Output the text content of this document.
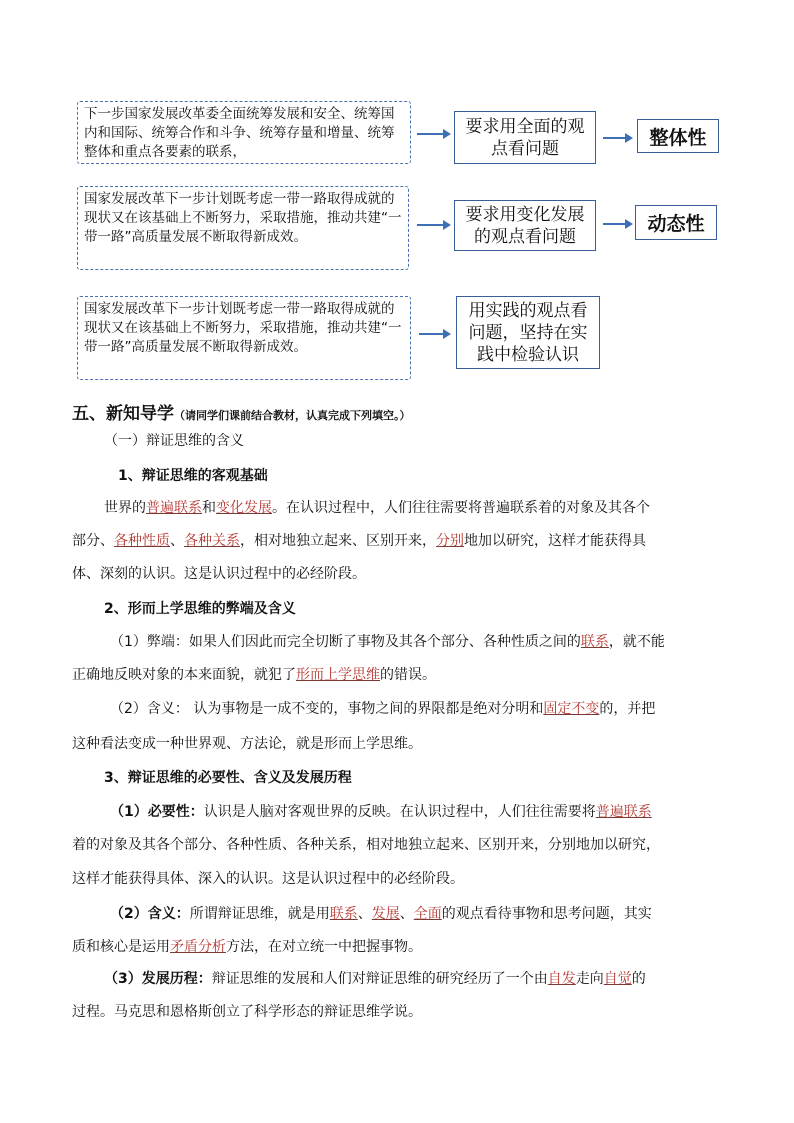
下一步国家发展改革委全面统筹发展和安全、统筹国内和国际、统筹合作和斗争、统筹存量和增量、统筹整体和重点各要素的联系，
要求用全面的观点看问题	整体性
国家发展改革下一步计划既考虑一带一路取得成就的现状又在该基础上不断努力，采取措施，推动共建“一带一路”高质量发展不断取得新成效。
要求用变化发展的观点看问题
动态性
国家发展改革下一步计划既考虑一带一路取得成就的现状又在该基础上不断努力，采取措施，推动共建“一带一路”高质量发展不断取得新成效。
用实践的观点看问题，坚持在实践中检验认识
五、新知导学（请同学们课前结合教材，认真完成下列填空。）
（一）辩证思维的含义
1、辩证思维的客观基础
世界的普遍联系和变化发展。在认识过程中，人们往往需要将普遍联系着的对象及其各个
部分、各种性质、各种关系，相对地独立起来、区别开来，分别地加以研究，这样才能获得具
体、深刻的认识。这是认识过程中的必经阶段。
2、形而上学思维的弊端及含义
（1）弊端：如果人们因此而完全切断了事物及其各个部分、各种性质之间的联系，就不能
正确地反映对象的本来面貌，就犯了形而上学思维的错误。
（2）含义： 认为事物是一成不变的，事物之间的界限都是绝对分明和固定不变的，并把
这种看法变成一种世界观、方法论，就是形而上学思维。
3、辩证思维的必要性、含义及发展历程
（1）必要性：认识是人脑对客观世界的反映。在认识过程中，人们往往需要将普遍联系
着的对象及其各个部分、各种性质、各种关系，相对地独立起来、区别开来，分别地加以研究，
这样才能获得具体、深入的认识。这是认识过程中的必经阶段。
（2）含义：所谓辩证思维，就是用联系、发展、全面的观点看待事物和思考问题，其实
质和核心是运用矛盾分析方法，在对立统一中把握事物。
（3）发展历程：辩证思维的发展和人们对辩证思维的研究经历了一个由自发走向自觉的
过程。马克思和恩格斯创立了科学形态的辩证思维学说。
